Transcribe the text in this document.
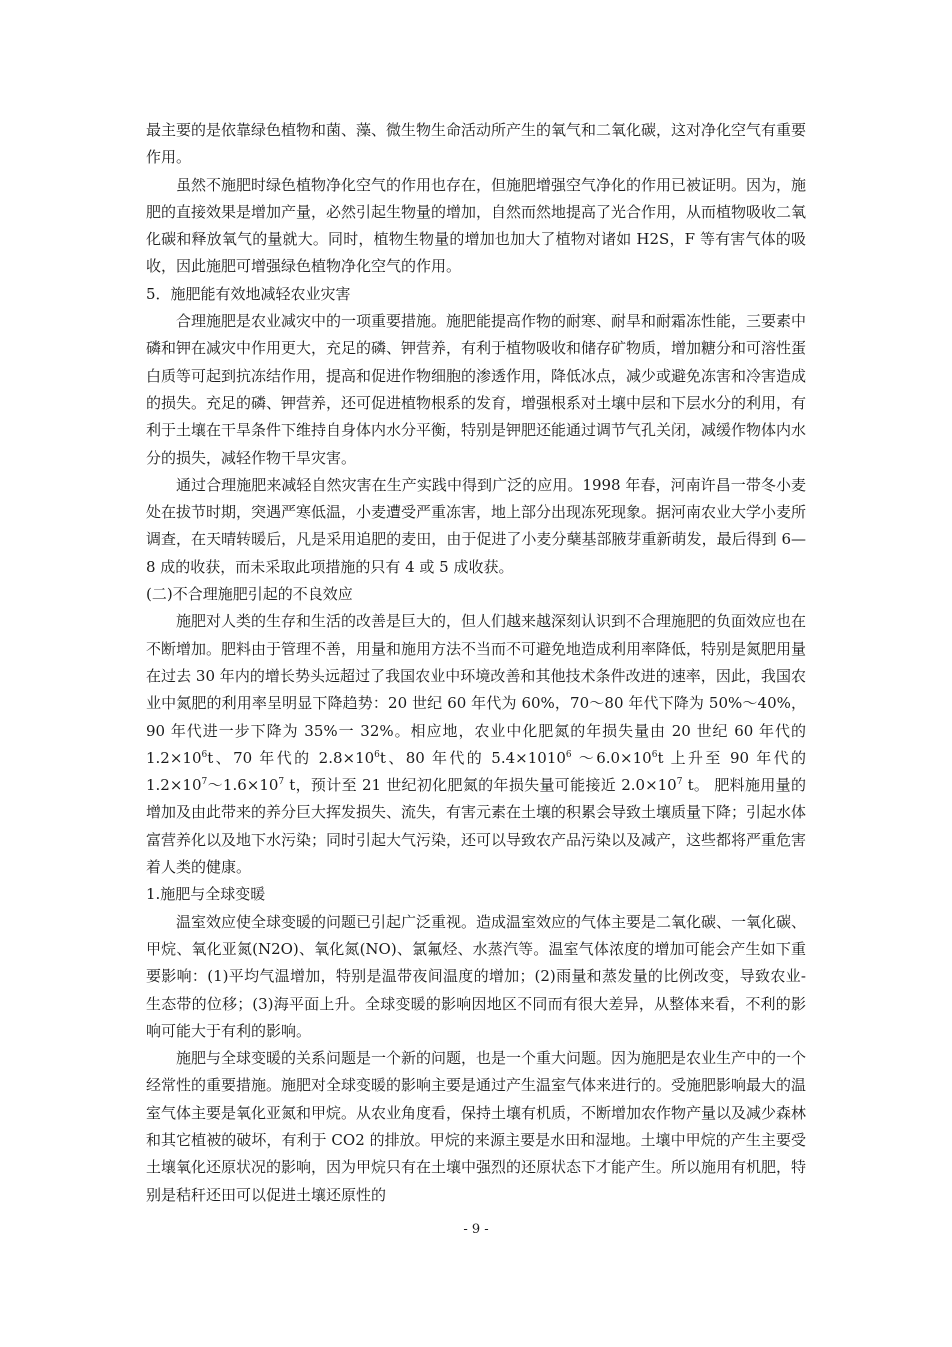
最主要的是依靠绿色植物和菌、藻、微生物生命活动所产生的氧气和二氧化碳，这对净化空气有重要作用。

虽然不施肥时绿色植物净化空气的作用也存在，但施肥增强空气净化的作用已被证明。因为，施肥的直接效果是增加产量，必然引起生物量的增加，自然而然地提高了光合作用，从而植物吸收二氧化碳和释放氧气的量就大。同时，植物生物量的增加也加大了植物对诸如 H2S，F 等有害气体的吸收，因此施肥可增强绿色植物净化空气的作用。

5．施肥能有效地减轻农业灾害

合理施肥是农业减灾中的一项重要措施。施肥能提高作物的耐寒、耐旱和耐霜冻性能，三要素中磷和钾在减灾中作用更大，充足的磷、钾营养，有利于植物吸收和储存矿物质，增加糖分和可溶性蛋白质等可起到抗冻结作用，提高和促进作物细胞的渗透作用，降低冰点，减少或避免冻害和冷害造成的损失。充足的磷、钾营养，还可促进植物根系的发育，增强根系对土壤中层和下层水分的利用，有利于土壤在干旱条件下维持自身体内水分平衡，特别是钾肥还能通过调节气孔关闭，减缓作物体内水分的损失，减轻作物干旱灾害。

通过合理施肥来减轻自然灾害在生产实践中得到广泛的应用。1998 年春，河南许昌一带冬小麦处在拔节时期，突遇严寒低温，小麦遭受严重冻害，地上部分出现冻死现象。据河南农业大学小麦所调查，在天晴转暖后，凡是采用追肥的麦田，由于促进了小麦分蘖基部腋芽重新萌发，最后得到 6—8 成的收获，而未采取此项措施的只有 4 或 5 成收获。

(二)不合理施肥引起的不良效应

施肥对人类的生存和生活的改善是巨大的，但人们越来越深刻认识到不合理施肥的负面效应也在不断增加。肥料由于管理不善，用量和施用方法不当而不可避免地造成利用率降低，特别是氮肥用量在过去 30 年内的增长势头远超过了我国农业中环境改善和其他技术条件改进的速率，因此，我国农业中氮肥的利用率呈明显下降趋势：20 世纪 60 年代为 60%，70～80 年代下降为 50%～40%，90 年代进一步下降为 35%一 32%。相应地，农业中化肥氮的年损失量由 20 世纪 60 年代的 $1.2\times 10^6t$、70 年代的 $2.8\times 10^6t$、80 年代的 $5.4\times 1010^6$ $\sim 6.0\times 10^6t$ 上升至 90 年代的 $1.2\times 10^7\sim 1.6\times 10^7$ t，预计至 21 世纪初化肥氮的年损失量可能接近 $2.0\times 10^7$ t。 肥料施用量的增加及由此带来的养分巨大挥发损失、流失，有害元素在土壤的积累会导致土壤质量下降；引起水体富营养化以及地下水污染；同时引起大气污染，还可以导致农产品污染以及减产，这些都将严重危害着人类的健康。

1.施肥与全球变暖

温室效应使全球变暖的问题已引起广泛重视。造成温室效应的气体主要是二氧化碳、一氧化碳、甲烷、氧化亚氮(N2O)、氧化氮(NO)、氯氟烃、水蒸汽等。温室气体浓度的增加可能会产生如下重要影响：(1)平均气温增加，特别是温带夜间温度的增加；(2)雨量和蒸发量的比例改变，导致农业-生态带的位移；(3)海平面上升。全球变暖的影响因地区不同而有很大差异，从整体来看，不利的影响可能大于有利的影响。

施肥与全球变暖的关系问题是一个新的问题，也是一个重大问题。因为施肥是农业生产中的一个经常性的重要措施。施肥对全球变暖的影响主要是通过产生温室气体来进行的。受施肥影响最大的温室气体主要是氧化亚氮和甲烷。从农业角度看，保持土壤有机质，不断增加农作物产量以及减少森林和其它植被的破坏，有利于 CO2 的排放。甲烷的来源主要是水田和湿地。土壤中甲烷的产生主要受土壤氧化还原状况的影响，因为甲烷只有在土壤中强烈的还原状态下才能产生。所以施用有机肥，特别是秸秆还田可以促进土壤还原性的

- 9 -
